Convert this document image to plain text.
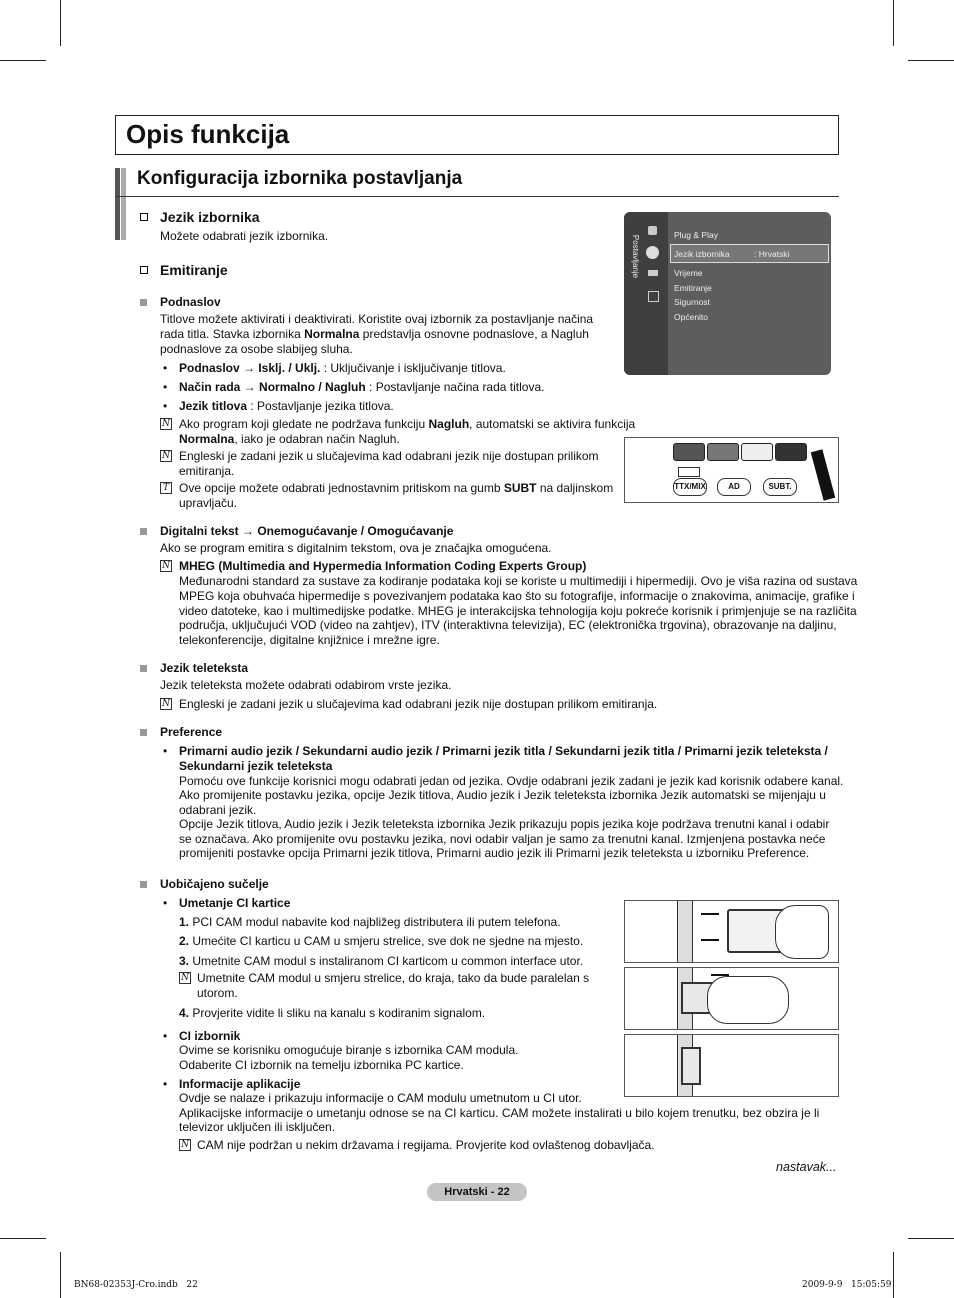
Opis funkcija
Konfiguracija izbornika postavljanja
Postavljanje	Plug & Play
Jezik izbornika	: Hrvatski
Vrijeme
Emitiranje
Sigurnost
Općenito
TTX/MIX	AD	SUBT.
Jezik izbornika
Možete odabrati jezik izbornika.
Emitiranje
Podnaslov
Titlove možete aktivirati i deaktivirati. Koristite ovaj izbornik za postavljanje načina
rada titla. Stavka izbornika Normalna predstavlja osnovne podnaslove, a Nagluh
podnaslove za osobe slabijeg sluha.
• Podnaslov → Isklj. / Uklj. : Uključivanje i isključivanje titlova.
• Način rada → Normalno / Nagluh : Postavljanje načina rada titlova.
• Jezik titlova : Postavljanje jezika titlova.
N Ako program koji gledate ne podržava funkciju Nagluh, automatski se aktivira funkcija
Normalna, iako je odabran način Nagluh.
N Engleski je zadani jezik u slučajevima kad odabrani jezik nije dostupan prilikom
emitiranja.
T Ove opcije možete odabrati jednostavnim pritiskom na gumb SUBT na daljinskom
upravljaču.
Digitalni tekst → Onemogućavanje / Omogućavanje
Ako se program emitira s digitalnim tekstom, ova je značajka omogućena.
N MHEG (Multimedia and Hypermedia Information Coding Experts Group)
Međunarodni standard za sustave za kodiranje podataka koji se koriste u multimediji i hipermediji. Ovo je viša razina od sustava
MPEG koja obuhvaća hipermedije s povezivanjem podataka kao što su fotografije, informacije o znakovima, animacije, grafike i
video datoteke, kao i multimedijske podatke. MHEG je interakcijska tehnologija koju pokreće korisnik i primjenjuje se na različita
područja, uključujući VOD (video na zahtjev), ITV (interaktivna televizija), EC (elektronička trgovina), obrazovanje na daljinu,
telekonferencije, digitalne knjižnice i mrežne igre.
Jezik teleteksta
Jezik teleteksta možete odabrati odabirom vrste jezika.
N Engleski je zadani jezik u slučajevima kad odabrani jezik nije dostupan prilikom emitiranja.
Preference
• Primarni audio jezik / Sekundarni audio jezik / Primarni jezik titla / Sekundarni jezik titla / Primarni jezik teleteksta /
Sekundarni jezik teleteksta
Pomoću ove funkcije korisnici mogu odabrati jedan od jezika. Ovdje odabrani jezik zadani je jezik kad korisnik odabere kanal.
Ako promijenite postavku jezika, opcije Jezik titlova, Audio jezik i Jezik teleteksta izbornika Jezik automatski se mijenjaju u
odabrani jezik.
Opcije Jezik titlova, Audio jezik i Jezik teleteksta izbornika Jezik prikazuju popis jezika koje podržava trenutni kanal i odabir
se označava. Ako promijenite ovu postavku jezika, novi odabir valjan je samo za trenutni kanal. Izmjenjena postavka neće
promijeniti postavke opcija Primarni jezik titlova, Primarni audio jezik ili Primarni jezik teleteksta u izborniku Preference.
Uobičajeno sučelje
• Umetanje CI kartice
1. PCI CAM modul nabavite kod najbližeg distributera ili putem telefona.
2. Umećite CI karticu u CAM u smjeru strelice, sve dok ne sjedne na mjesto.
3. Umetnite CAM modul s instaliranom CI karticom u common interface utor.
N Umetnite CAM modul u smjeru strelice, do kraja, tako da bude paralelan s
utorom.
4. Provjerite vidite li sliku na kanalu s kodiranim signalom.
• CI izbornik
Ovime se korisniku omogućuje biranje s izbornika CAM modula.
Odaberite CI izbornik na temelju izbornika PC kartice.
• Informacije aplikacije
Ovdje se nalaze i prikazuju informacije o CAM modulu umetnutom u CI utor.
Aplikacijske informacije o umetanju odnose se na CI karticu. CAM možete instalirati u bilo kojem trenutku, bez obzira je li
televizor uključen ili isključen.
N CAM nije podržan u nekim državama i regijama. Provjerite kod ovlaštenog dobavljača.
nastavak...
Hrvatski - 22
BN68-02353J-Cro.indb   22	2009-9-9   15:05:59
